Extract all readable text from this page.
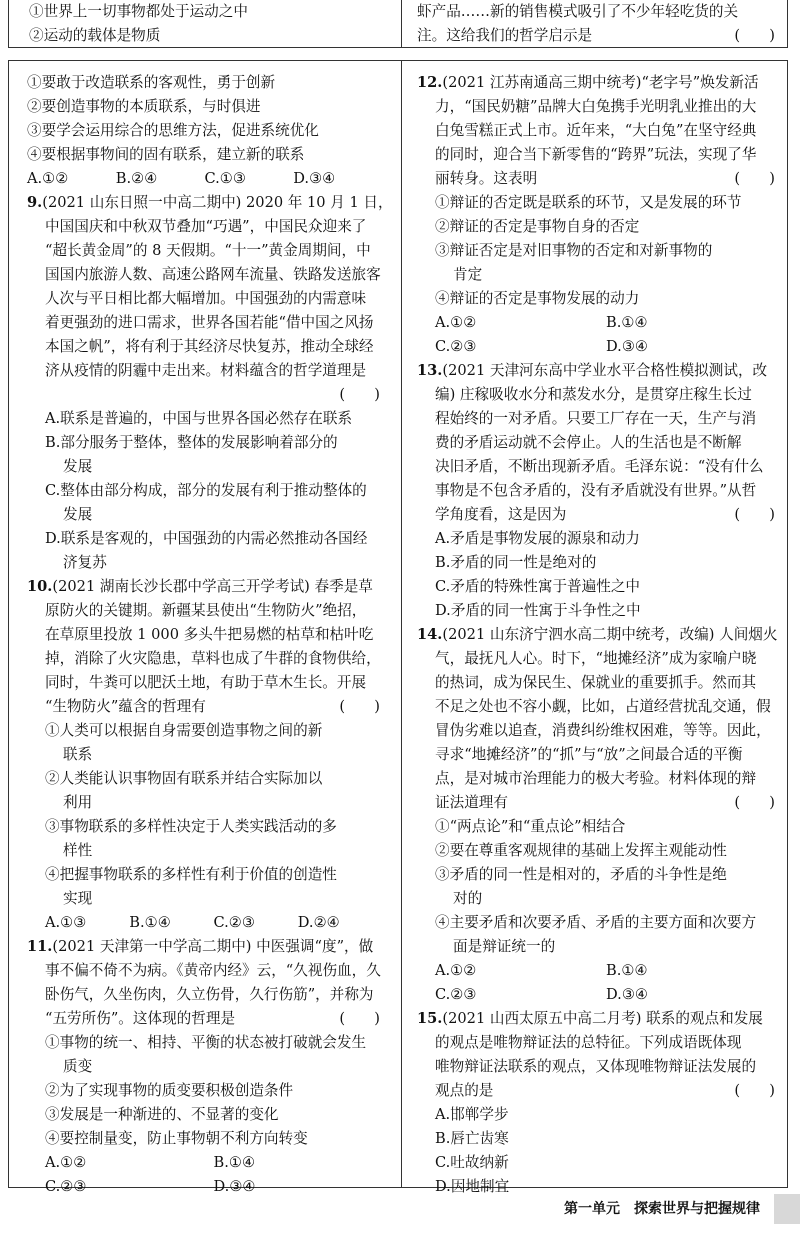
①世界上一切事物都处于运动之中
②运动的载体是物质
虾产品……新的销售模式吸引了不少年轻吃货的关
注。这给我们的哲学启示是	(　　)
①要敢于改造联系的客观性，勇于创新
②要创造事物的本质联系，与时俱进
③要学会运用综合的思维方法，促进系统优化
④要根据事物间的固有联系，建立新的联系
A.①②	B.②④	C.①③	D.③④
9.(2021 山东日照一中高二期中) 2020 年 10 月 1 日，
中国国庆和中秋双节叠加“巧遇”，中国民众迎来了
“超长黄金周”的 8 天假期。“十一”黄金周期间，中
国国内旅游人数、高速公路网车流量、铁路发送旅客
人次与平日相比都大幅增加。中国强劲的内需意味
着更强劲的进口需求，世界各国若能“借中国之风扬
本国之帆”，将有利于其经济尽快复苏，推动全球经
济从疫情的阴霾中走出来。材料蕴含的哲学道理是
(　　)

A.联系是普遍的，中国与世界各国必然存在联系
B.部分服务于整体，整体的发展影响着部分的
发展
C.整体由部分构成，部分的发展有利于推动整体的
发展
D.联系是客观的，中国强劲的内需必然推动各国经
济复苏
10.(2021 湖南长沙长郡中学高三开学考试) 春季是草
原防火的关键期。新疆某县使出“生物防火”绝招，
在草原里投放 1 000 多头牛把易燃的枯草和枯叶吃
掉，消除了火灾隐患，草料也成了牛群的食物供给，
同时，牛粪可以肥沃土地，有助于草木生长。开展
“生物防火”蕴含的哲理有	(　　)
①人类可以根据自身需要创造事物之间的新
联系
②人类能认识事物固有联系并结合实际加以
利用
③事物联系的多样性决定于人类实践活动的多
样性
④把握事物联系的多样性有利于价值的创造性
实现
A.①③	B.①④	C.②③	D.②④
11.(2021 天津第一中学高二期中) 中医强调“度”，做
事不偏不倚不为病。《黄帝内经》云，“久视伤血，久
卧伤气，久坐伤肉，久立伤骨，久行伤筋”，并称为
“五劳所伤”。这体现的哲理是	(　　)
①事物的统一、相持、平衡的状态被打破就会发生
质变
②为了实现事物的质变要积极创造条件
③发展是一种渐进的、不显著的变化
④要控制量变，防止事物朝不利方向转变
A.①②	B.①④
C.②③	D.③④
12.(2021 江苏南通高三期中统考)“老字号”焕发新活
力，“国民奶糖”品牌大白兔携手光明乳业推出的大
白兔雪糕正式上市。近年来，“大白兔”在坚守经典
的同时，迎合当下新零售的“跨界”玩法，实现了华
丽转身。这表明	(　　)
①辩证的否定既是联系的环节，又是发展的环节
②辩证的否定是事物自身的否定
③辩证否定是对旧事物的否定和对新事物的
肯定
④辩证的否定是事物发展的动力
A.①②	B.①④
C.②③	D.③④
13.(2021 天津河东高中学业水平合格性模拟测试，改
编) 庄稼吸收水分和蒸发水分，是贯穿庄稼生长过
程始终的一对矛盾。只要工厂存在一天，生产与消
费的矛盾运动就不会停止。人的生活也是不断解
决旧矛盾，不断出现新矛盾。毛泽东说：“没有什么
事物是不包含矛盾的，没有矛盾就没有世界。”从哲
学角度看，这是因为	(　　)
A.矛盾是事物发展的源泉和动力
B.矛盾的同一性是绝对的
C.矛盾的特殊性寓于普遍性之中
D.矛盾的同一性寓于斗争性之中
14.(2021 山东济宁泗水高二期中统考，改编) 人间烟火
气，最抚凡人心。时下，“地摊经济”成为家喻户晓
的热词，成为保民生、保就业的重要抓手。然而其
不足之处也不容小觑，比如，占道经营扰乱交通，假
冒伪劣难以追查，消费纠纷维权困难，等等。因此，
寻求“地摊经济”的“抓”与“放”之间最合适的平衡
点，是对城市治理能力的极大考验。材料体现的辩
证法道理有	(　　)
①“两点论”和“重点论”相结合
②要在尊重客观规律的基础上发挥主观能动性
③矛盾的同一性是相对的，矛盾的斗争性是绝
对的
④主要矛盾和次要矛盾、矛盾的主要方面和次要方
面是辩证统一的
A.①②	B.①④
C.②③	D.③④
15.(2021 山西太原五中高二月考) 联系的观点和发展
的观点是唯物辩证法的总特征。下列成语既体现
唯物辩证法联系的观点，又体现唯物辩证法发展的
观点的是	(　　)
A.邯郸学步
B.唇亡齿寒
C.吐故纳新
D.因地制宜
第一单元　探索世界与把握规律
